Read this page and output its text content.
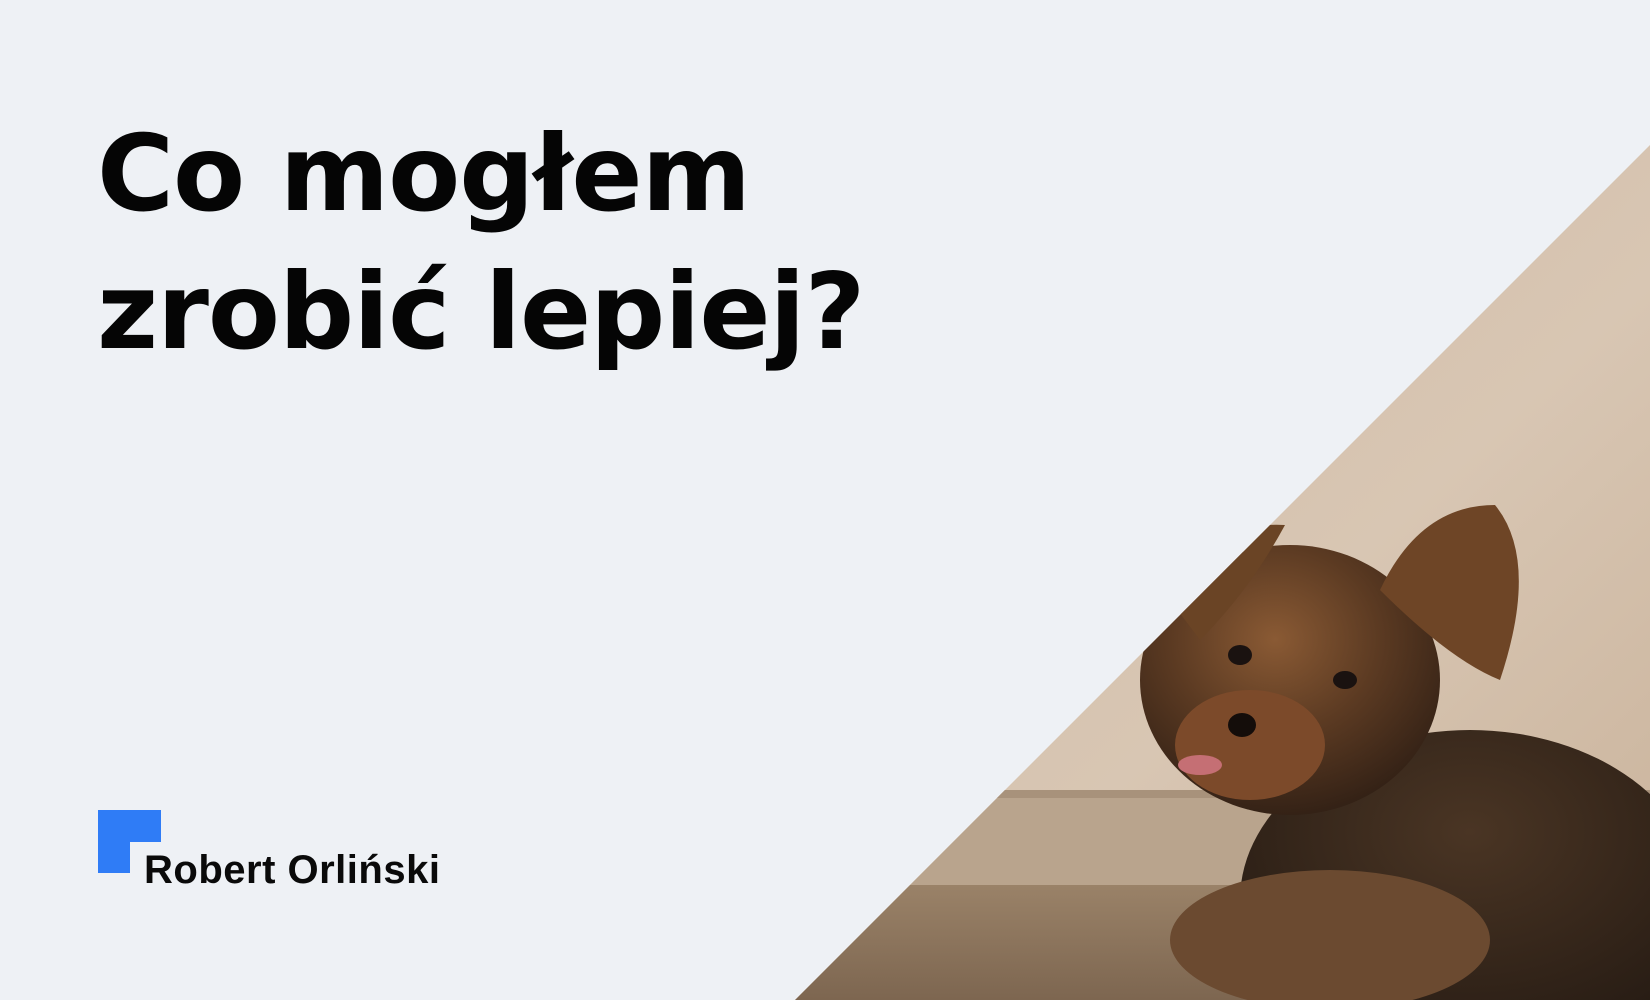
Co mogłem
zrobić lepiej?
Robert Orliński
